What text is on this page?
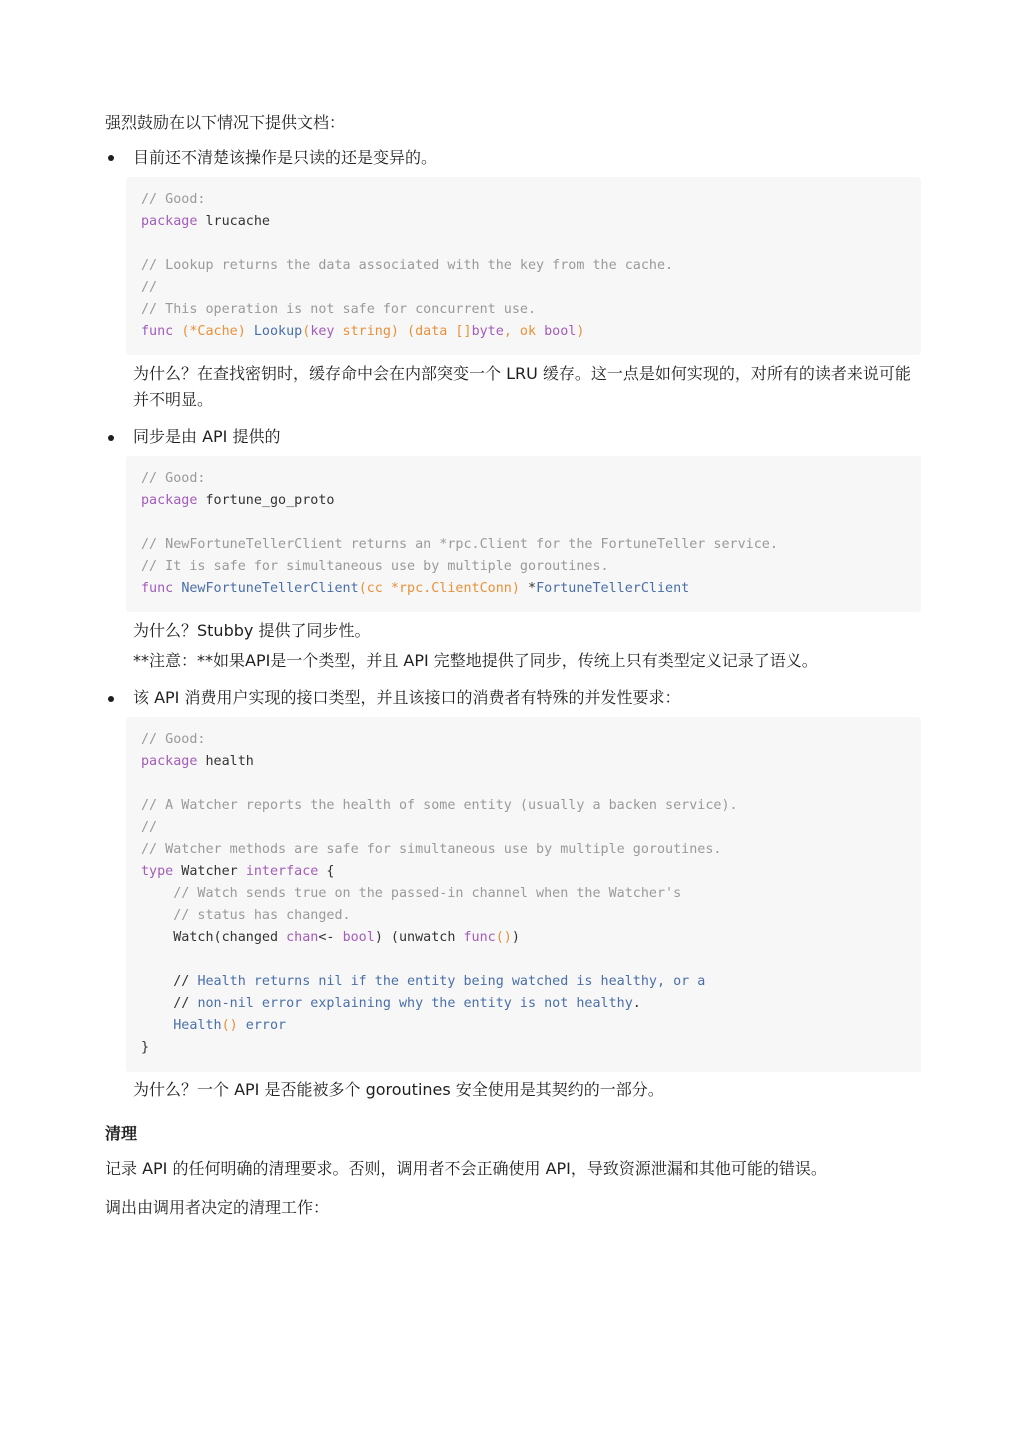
强烈鼓励在以下情况下提供文档：
目前还不清楚该操作是只读的还是变异的。
// Good:
package lrucache

// Lookup returns the data associated with the key from the cache.
//
// This operation is not safe for concurrent use.
func (*Cache) Lookup(key string) (data []byte, ok bool)
为什么？在查找密钥时，缓存命中会在内部突变一个 LRU 缓存。这一点是如何实现的，对所有的读者来说可能并不明显。
同步是由 API 提供的
// Good:
package fortune_go_proto

// NewFortuneTellerClient returns an *rpc.Client for the FortuneTeller service.
// It is safe for simultaneous use by multiple goroutines.
func NewFortuneTellerClient(cc *rpc.ClientConn) *FortuneTellerClient
为什么？Stubby 提供了同步性。
**注意：**如果API是一个类型，并且 API 完整地提供了同步，传统上只有类型定义记录了语义。
该 API 消费用户实现的接口类型，并且该接口的消费者有特殊的并发性要求：
// Good:
package health

// A Watcher reports the health of some entity (usually a backen service).
//
// Watcher methods are safe for simultaneous use by multiple goroutines.
type Watcher interface {
// Watch sends true on the passed-in channel when the Watcher's
// status has changed.
Watch(changed chan<- bool) (unwatch func())

// Health returns nil if the entity being watched is healthy, or a
// non-nil error explaining why the entity is not healthy.
Health() error
}
为什么？一个 API 是否能被多个 goroutines 安全使用是其契约的一部分。
清理
记录 API 的任何明确的清理要求。否则，调用者不会正确使用 API，导致资源泄漏和其他可能的错误。
调出由调用者决定的清理工作：
